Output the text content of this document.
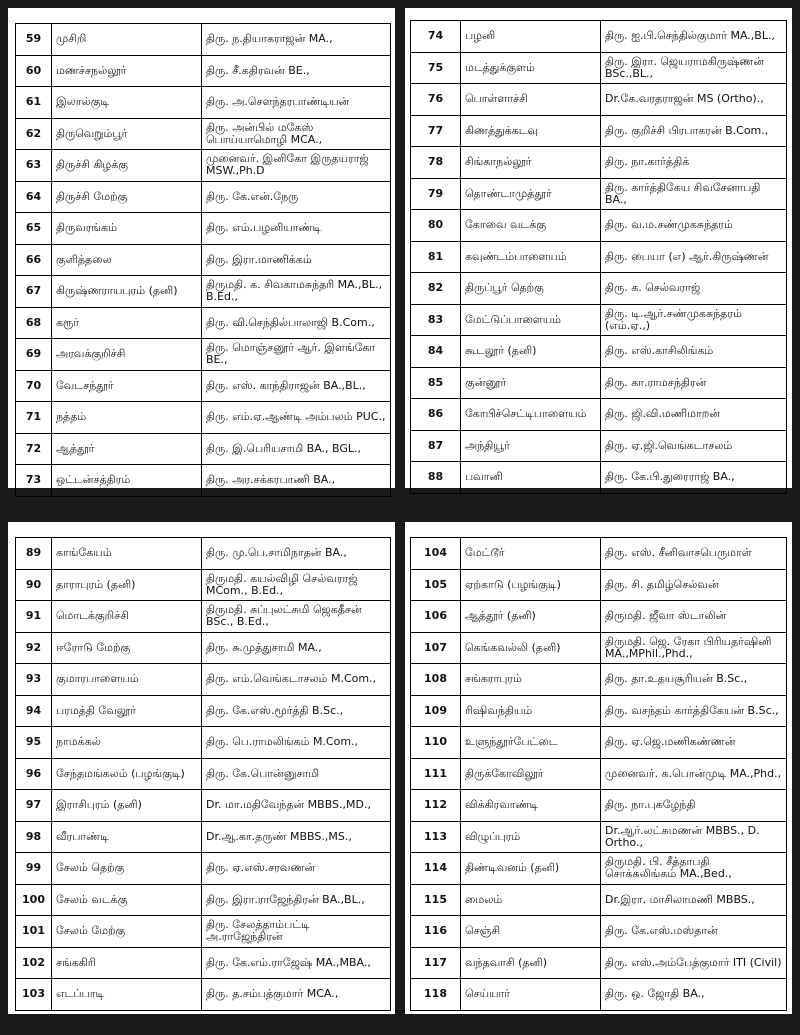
59	முசிறி	திரு. ந.தியாகராஜன் MA.,
60	மணச்சநல்லூர்	திரு. சீ.கதிரவன் BE.,
61	இலால்குடி	திரு. அ.சௌந்தரபாண்டியன்
62	திருவெறும்பூர்	திரு. அன்பில் மகேஸ் பொய்யாமொழி MCA.,
63	திருச்சி கிழக்கு	முனைவர். இனிகோ இருதயராஜ் MSW.,Ph.D
64	திருச்சி மேற்கு	திரு. கே.என்.நேரு
65	திருவரங்கம்	திரு. எம்.பழனியாண்டி
66	குளித்தலை	திரு. இரா.மாணிக்கம்
67	கிருஷ்ணராயபுரம் (தனி)	திருமதி. க. சிவகாமசுந்தரி MA.,BL., B.Ed.,
68	கரூர்	திரு. வி.செந்தில்பாலாஜி B.Com.,
69	அரவக்குறிச்சி	திரு. மொஞ்சனூர் ஆர். இளங்கோ BE.,
70	வேடசந்தூர்	திரு. எஸ். காந்திராஜன் BA.,BL.,
71	நத்தம்	திரு. எம்.ஏ.ஆண்டி அம்பலம் PUC.,
72	ஆத்தூர்	திரு. இ.பெரியசாமி BA., BGL.,
73	ஒட்டன்சத்திரம்	திரு. அர.சக்கரபாணி BA.,
74	பழனி	திரு. ஐ.பி.செந்தில்குமார் MA.,BL.,
75	மடத்துக்குளம்	திரு. இரா. ஜெயராமகிருஷ்ணன் BSc.,BL.,
76	பொள்ளாச்சி	Dr.கே.வரதராஜன் MS (Ortho).,
77	கிணத்துக்கடவு	திரு. குறிச்சி பிரபாகரன் B.Com.,
78	சிங்காநல்லூர்	திரு. நா.கார்த்திக்
79	தொண்டாமுத்தூர்	திரு. கார்த்திகேய சிவசேனாபதி BA.,
80	கோவை வடக்கு	திரு. வ.ம.சண்முகசுந்தரம்
81	கவுண்டம்பாளையம்	திரு. பையா (எ) ஆர்.கிருஷ்ணன்
82	திருப்பூர் தெற்கு	திரு. க. செல்வராஜ்
83	மேட்டுப்பாளையம்	திரு. டி.ஆர்.சண்முகசுந்தரம் (எம்.ஏ.,)
84	கூடலூர் (தனி)	திரு. எஸ்.காசிலிங்கம்
85	குன்னூர்	திரு. கா.ராமசந்திரன்
86	கோபிச்செட்டிபாளையம்	திரு. ஜி.வி.மணிமாறன்
87	அந்தியூர்	திரு. ஏ.ஜி.வெங்கடாசலம்
88	பவானி	திரு. கே.பி.துரைராஜ் BA.,
89	காங்கேயம்	திரு. மு.பெ.சாமிநாதன் BA.,
90	தாராபுரம் (தனி)	திருமதி. கயல்விழி செல்வராஜ் MCom., B.Ed.,
91	மொடக்குறிச்சி	திருமதி. சுப்புலட்சுமி ஜெகதீசன் BSc., B.Ed.,
92	ஈரோடு மேற்கு	திரு. சு.முத்துசாமி MA.,
93	குமாரபாளையம்	திரு. எம்.வெங்கடாசலம் M.Com.,
94	பரமத்தி வேலூர்	திரு. கே.எஸ்.மூர்த்தி B.Sc.,
95	நாமக்கல்	திரு. பெ.ராமலிங்கம் M.Com.,
96	சேந்தமங்கலம் (பழங்குடி)	திரு. கே.பொன்னுசாமி
97	இராசிபுரம் (தனி)	Dr. மா.மதிவேந்தன் MBBS.,MD.,
98	வீரபாண்டி	Dr.ஆ.கா.தருண் MBBS.,MS.,
99	சேலம் தெற்கு	திரு. ஏ.எஸ்.சரவணன்
100	சேலம் வடக்கு	திரு. இரா.ராஜேந்திரன் BA.,BL.,
101	சேலம் மேற்கு	திரு. சேலத்தாம்பட்டி அ.ராஜேந்திரன்
102	சங்ககிரி	திரு. கே.எம்.ராஜேஷ் MA.,MBA.,
103	எடப்பாடி	திரு. த.சம்பத்குமார் MCA.,
104	மேட்டூர்	திரு. எஸ். சீனிவாசபெருமாள்
105	ஏற்காடு (பழங்குடி)	திரு. சி. தமிழ்செல்வன்
106	ஆத்தூர் (தனி)	திருமதி. ஜீவா ஸ்டாலின்
107	கெங்கவல்லி (தனி)	திருமதி. ஜெ. ரேகா பிரியதர்ஷினி MA.,MPhil.,Phd.,
108	சங்கராபுரம்	திரு. தா.உதயசூரியன் B.Sc.,
109	ரிஷிவந்தியம்	திரு. வசந்தம் கார்த்திகேயன் B.Sc.,
110	உளுந்தூர்பேட்டை	திரு. ஏ.ஜெ.மணிகண்ணன்
111	திருக்கோவிலூர்	முனைவர். க.பொன்முடி MA.,Phd.,
112	விக்கிரவாண்டி	திரு. நா.புகழேந்தி
113	விழுப்புரம்	Dr.ஆர்.லட்சுமணன் MBBS., D. Ortho.,
114	திண்டிவனம் (தனி)	திருமதி. பி. சீத்தாபதி சொக்கலிங்கம் MA.,Bed.,
115	மைலம்	Dr.இரா. மாசிலாமணி MBBS.,
116	செஞ்சி	திரு. கே.எஸ்.மஸ்தான்
117	வந்தவாசி (தனி)	திரு. எஸ்.அம்பேத்குமார் ITI (Civil)
118	செய்யார்	திரு. ஒ. ஜோதி BA.,
